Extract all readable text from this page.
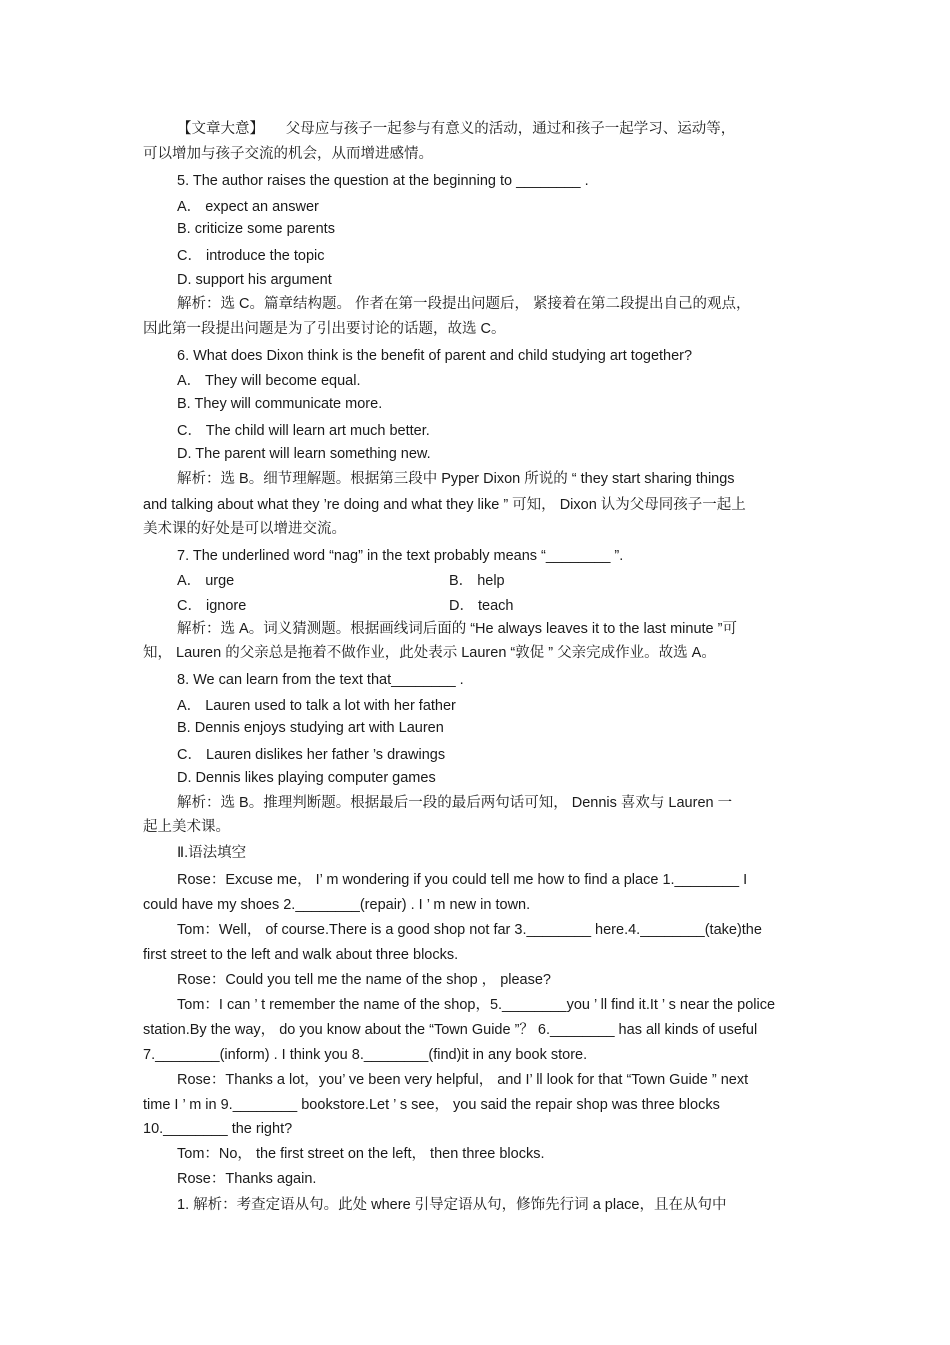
【文章大意】　　父母应与孩子一起参与有意义的活动，通过和孩子一起学习、运动等，
可以增加与孩子交流的机会，从而增进感情。
5. The author raises the question at the beginning to ________ .
A． expect an answer
B. criticize some parents
C． introduce the topic
D. support his argument
解析：选 C。篇章结构题。 作者在第一段提出问题后， 紧接着在第二段提出自己的观点，
因此第一段提出问题是为了引出要讨论的话题，故选 C。
6. What does Dixon think is the benefit of parent and child studying art together?
A． They will become equal.
B. They will communicate more.
C． The child will learn art much better.
D. The parent will learn something new.
解析：选 B。细节理解题。根据第三段中 Pyper Dixon 所说的 “ they start sharing things
and talking about what they ’re doing and what they like ” 可知， Dixon 认为父母同孩子一起上
美术课的好处是可以增进交流。
7. The underlined word “nag” in the text probably means “________ ”.
A． urge	B． help
C． ignore	D． teach
解析：选 A。词义猜测题。根据画线词后面的 “He always leaves it to the last minute ”可
知， Lauren 的父亲总是拖着不做作业，此处表示 Lauren “敦促 ” 父亲完成作业。故选 A。
8. We can learn from the text that________ .
A． Lauren used to talk a lot with her father
B. Dennis enjoys studying art with Lauren
C． Lauren dislikes her father ’s drawings
D. Dennis likes playing computer games
解析：选 B。推理判断题。根据最后一段的最后两句话可知， Dennis 喜欢与 Lauren 一
起上美术课。
Ⅱ.语法填空
Rose：Excuse me， I’ m wondering if you could tell me how to find a place 1.________ I
could have my shoes 2.________(repair) . I ’ m new in town.
Tom：Well， of course.There is a good shop not far 3.________ here.4.________(take)the
first street to the left and walk about three blocks.
Rose：Could you tell me the name of the shop ， please?
Tom：I can ’ t remember the name of the shop，5.________you ’ ll find it.It ’ s near the police
station.By the way， do you know about the “Town Guide ”？ 6.________ has all kinds of useful
7.________(inform) . I think you 8.________(find)it in any book store.
Rose：Thanks a lot，you’ ve been very helpful， and I’ ll look for that “Town Guide ” next
time I ’ m in 9.________ bookstore.Let ’ s see， you said the repair shop was three blocks
10.________ the right?
Tom：No， the first street on the left， then three blocks.
Rose：Thanks again.
1. 解析：考查定语从句。此处 where 引导定语从句，修饰先行词 a place，且在从句中
